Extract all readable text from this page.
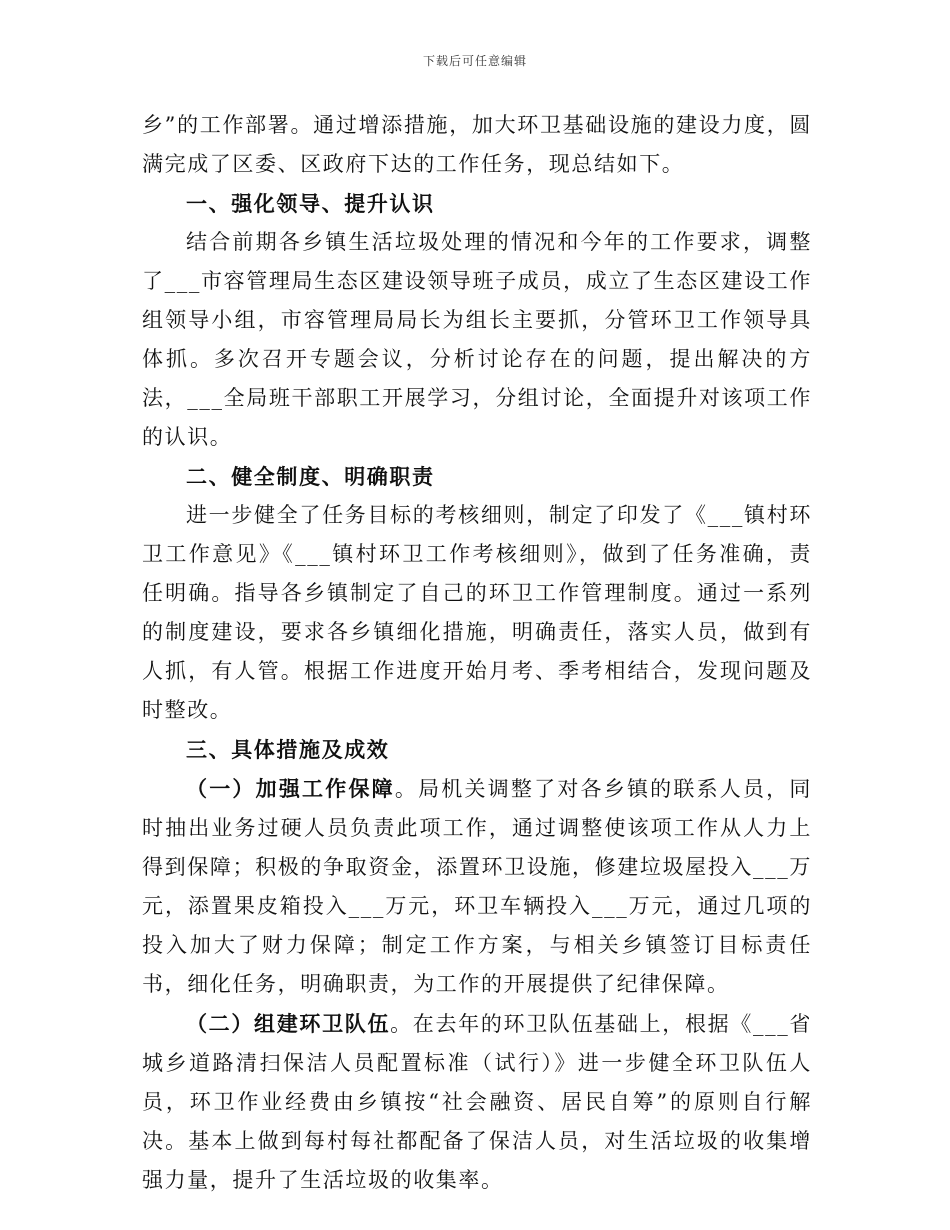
下载后可任意编辑

乡”的工作部署。通过增添措施，加大环卫基础设施的建设力度，圆满完成了区委、区政府下达的工作任务，现总结如下。

一、强化领导、提升认识

结合前期各乡镇生活垃圾处理的情况和今年的工作要求，调整了___市容管理局生态区建设领导班子成员，成立了生态区建设工作组领导小组，市容管理局局长为组长主要抓，分管环卫工作领导具体抓。多次召开专题会议，分析讨论存在的问题，提出解决的方法，___全局班干部职工开展学习，分组讨论，全面提升对该项工作的认识。

二、健全制度、明确职责

进一步健全了任务目标的考核细则，制定了印发了《___镇村环卫工作意见》《___镇村环卫工作考核细则》，做到了任务准确，责任明确。指导各乡镇制定了自己的环卫工作管理制度。通过一系列的制度建设，要求各乡镇细化措施，明确责任，落实人员，做到有人抓，有人管。根据工作进度开始月考、季考相结合，发现问题及时整改。

三、具体措施及成效

（一）加强工作保障。局机关调整了对各乡镇的联系人员，同时抽出业务过硬人员负责此项工作，通过调整使该项工作从人力上得到保障；积极的争取资金，添置环卫设施，修建垃圾屋投入___万元，添置果皮箱投入___万元，环卫车辆投入___万元，通过几项的投入加大了财力保障；制定工作方案，与相关乡镇签订目标责任书，细化任务，明确职责，为工作的开展提供了纪律保障。

（二）组建环卫队伍。在去年的环卫队伍基础上，根据《___省城乡道路清扫保洁人员配置标准（试行）》进一步健全环卫队伍人员，环卫作业经费由乡镇按“社会融资、居民自筹”的原则自行解决。基本上做到每村每社都配备了保洁人员，对生活垃圾的收集增强力量，提升了生活垃圾的收集率。
